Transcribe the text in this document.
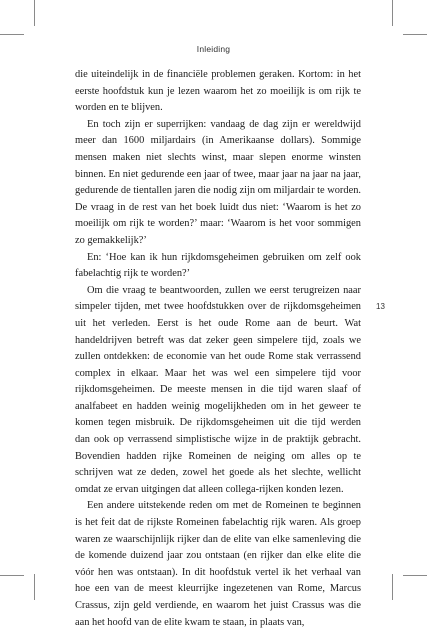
Inleiding

die uiteindelijk in de financiële problemen geraken. Kortom: in het eerste hoofdstuk kun je lezen waarom het zo moeilijk is om rijk te worden en te blijven.

En toch zijn er superrijken: vandaag de dag zijn er wereldwijd meer dan 1600 miljardairs (in Amerikaanse dollars). Sommige mensen maken niet slechts winst, maar slepen enorme winsten binnen. En niet gedurende een jaar of twee, maar jaar na jaar na jaar, gedurende de tientallen jaren die nodig zijn om miljardair te worden. De vraag in de rest van het boek luidt dus niet: ‘Waarom is het zo moeilijk om rijk te worden?’ maar: ‘Waarom is het voor sommigen zo gemakkelijk?’

En: ‘Hoe kan ik hun rijkdomsgeheimen gebruiken om zelf ook fabelachtig rijk te worden?’

Om die vraag te beantwoorden, zullen we eerst terugreizen naar simpeler tijden, met twee hoofdstukken over de rijkdomsgeheimen uit het verleden. Eerst is het oude Rome aan de beurt. Wat handeldrijven betreft was dat zeker geen simpelere tijd, zoals we zullen ontdekken: de economie van het oude Rome stak verrassend complex in elkaar. Maar het was wel een simpelere tijd voor rijkdomsgeheimen. De meeste mensen in die tijd waren slaaf of analfabeet en hadden weinig mogelijkheden om in het geweer te komen tegen misbruik. De rijkdomsgeheimen uit die tijd werden dan ook op verrassend simplistische wijze in de praktijk gebracht. Bovendien hadden rijke Romeinen de neiging om alles op te schrijven wat ze deden, zowel het goede als het slechte, wellicht omdat ze ervan uitgingen dat alleen collega-rijken konden lezen.

Een andere uitstekende reden om met de Romeinen te beginnen is het feit dat de rijkste Romeinen fabelachtig rijk waren. Als groep waren ze waarschijnlijk rijker dan de elite van elke samenleving die de komende duizend jaar zou ontstaan (en rijker dan elke elite die vóór hen was ontstaan). In dit hoofdstuk vertel ik het verhaal van hoe een van de meest kleurrijke ingezetenen van Rome, Marcus Crassus, zijn geld verdiende, en waarom het juist Crassus was die aan het hoofd van de elite kwam te staan, in plaats van,

13
